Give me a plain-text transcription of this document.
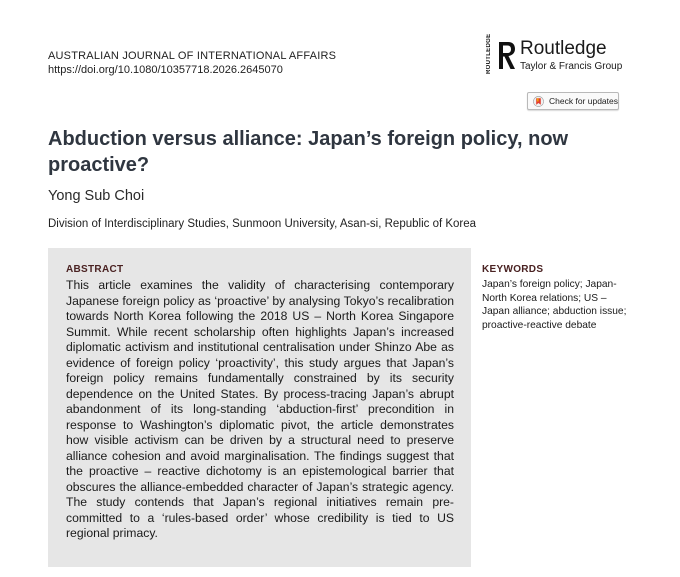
AUSTRALIAN JOURNAL OF INTERNATIONAL AFFAIRS
https://doi.org/10.1080/10357718.2026.2645070	ROUTLEDGE Routledge
Taylor & Francis Group
Check for updates
Abduction versus alliance: Japan’s foreign policy, now proactive?
Yong Sub Choi
Division of Interdisciplinary Studies, Sunmoon University, Asan-si, Republic of Korea
ABSTRACT

This article examines the validity of characterising contemporary Japanese foreign policy as ‘proactive’ by analysing Tokyo’s recalibration towards North Korea following the 2018 US – North Korea Singapore Summit. While recent scholarship often highlights Japan’s increased diplomatic activism and institutional centralisation under Shinzo Abe as evidence of foreign policy ‘proactivity’, this study argues that Japan’s foreign policy remains fundamentally constrained by its security dependence on the United States. By process-tracing Japan’s abrupt abandonment of its long-standing ‘abduction-first’ precondition in response to Washington’s diplomatic pivot, the article demonstrates how visible activism can be driven by a structural need to preserve alliance cohesion and avoid marginalisation. The findings suggest that the proactive – reactive dichotomy is an epistemological barrier that obscures the alliance-embedded character of Japan’s strategic agency. The study contends that Japan’s regional initiatives remain pre-committed to a ‘rules-based order’ whose credibility is tied to US regional primacy.

KEYWORDS

Japan’s foreign policy; Japan-North Korea relations; US – Japan alliance; abduction issue; proactive-reactive debate
